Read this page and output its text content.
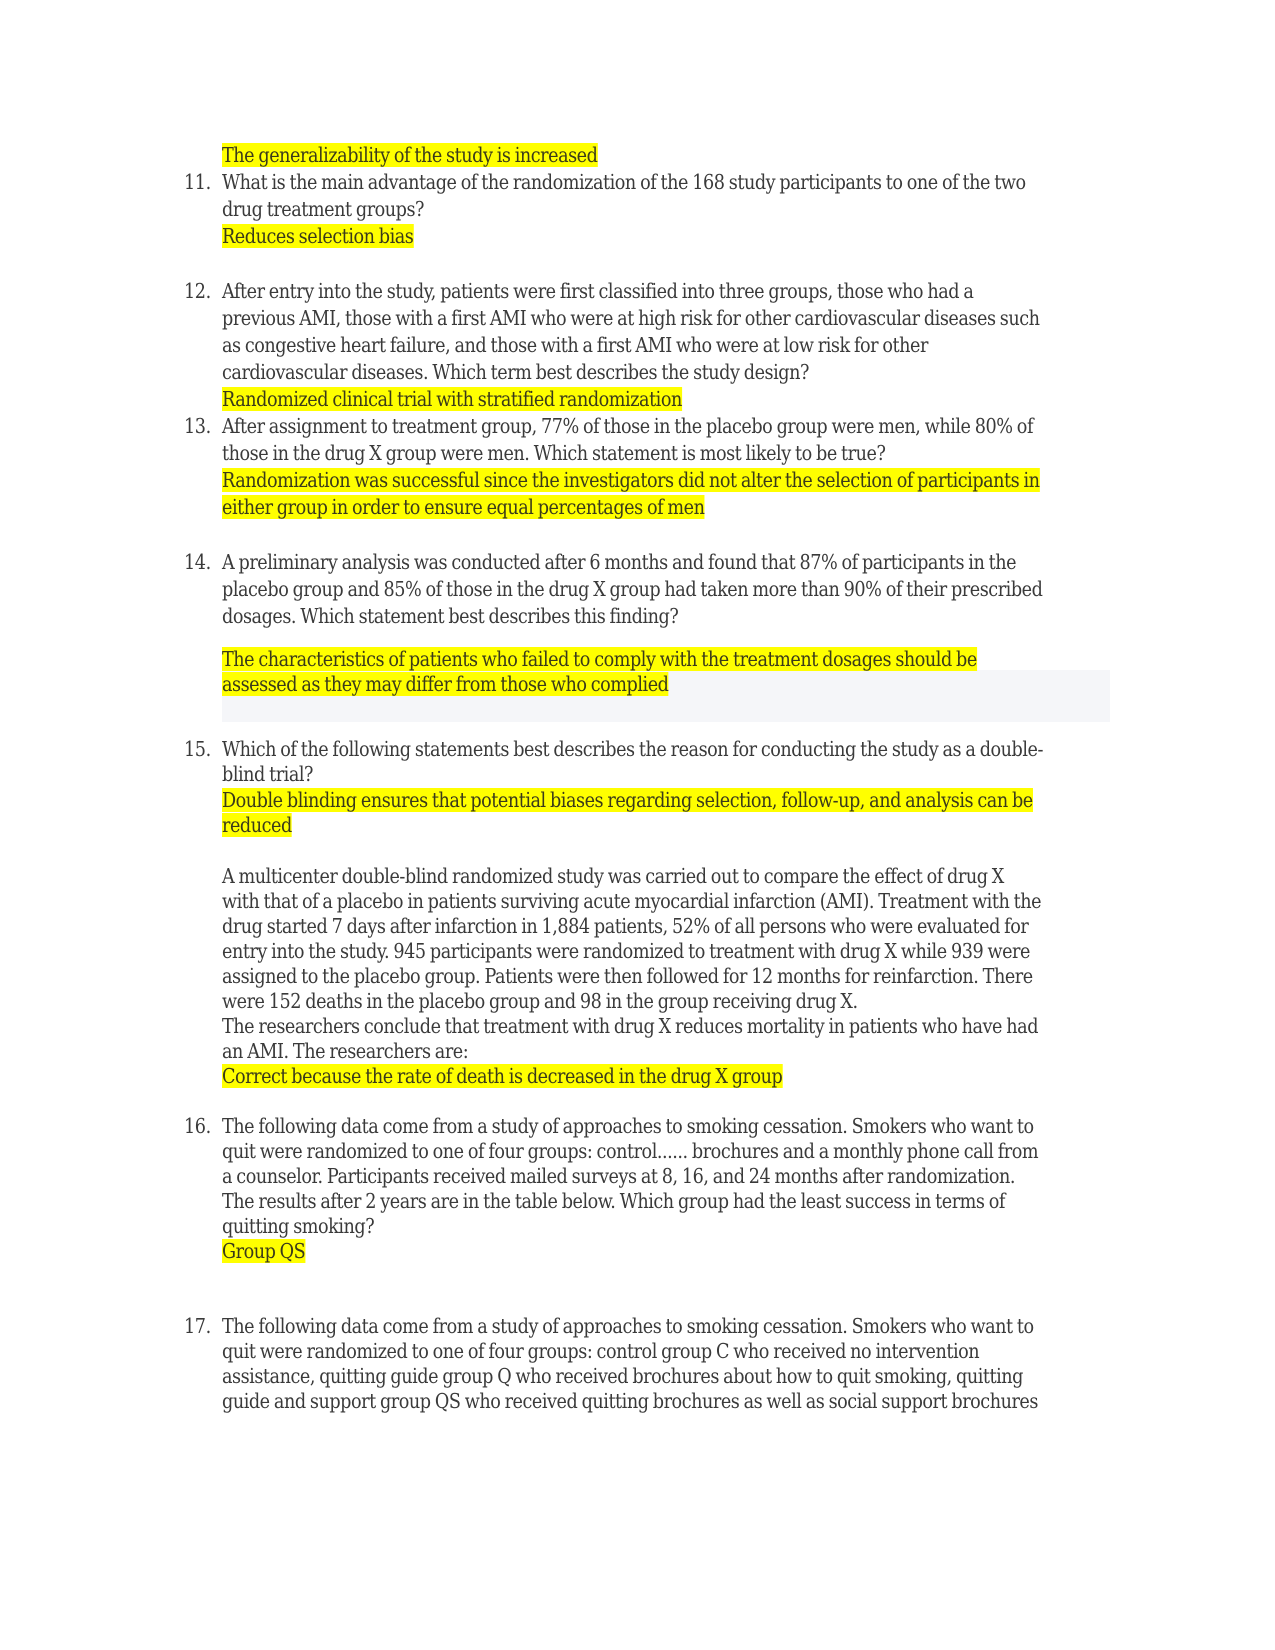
The generalizability of the study is increased
11. What is the main advantage of the randomization of the 168 study participants to one of the two
drug treatment groups?
Reduces selection bias
12. After entry into the study, patients were first classified into three groups, those who had a
previous AMI, those with a first AMI who were at high risk for other cardiovascular diseases such
as congestive heart failure, and those with a first AMI who were at low risk for other
cardiovascular diseases. Which term best describes the study design?
Randomized clinical trial with stratified randomization
13. After assignment to treatment group, 77% of those in the placebo group were men, while 80% of
those in the drug X group were men. Which statement is most likely to be true?
Randomization was successful since the investigators did not alter the selection of participants in
either group in order to ensure equal percentages of men
14. A preliminary analysis was conducted after 6 months and found that 87% of participants in the
placebo group and 85% of those in the drug X group had taken more than 90% of their prescribed
dosages. Which statement best describes this finding?
The characteristics of patients who failed to comply with the treatment dosages should be
assessed as they may differ from those who complied
15. Which of the following statements best describes the reason for conducting the study as a double-
blind trial?
Double blinding ensures that potential biases regarding selection, follow-up, and analysis can be
reduced
A multicenter double-blind randomized study was carried out to compare the effect of drug X
with that of a placebo in patients surviving acute myocardial infarction (AMI). Treatment with the
drug started 7 days after infarction in 1,884 patients, 52% of all persons who were evaluated for
entry into the study. 945 participants were randomized to treatment with drug X while 939 were
assigned to the placebo group. Patients were then followed for 12 months for reinfarction. There
were 152 deaths in the placebo group and 98 in the group receiving drug X.
The researchers conclude that treatment with drug X reduces mortality in patients who have had
an AMI. The researchers are:
Correct because the rate of death is decreased in the drug X group
16. The following data come from a study of approaches to smoking cessation. Smokers who want to
quit were randomized to one of four groups: control...... brochures and a monthly phone call from
a counselor. Participants received mailed surveys at 8, 16, and 24 months after randomization.
The results after 2 years are in the table below. Which group had the least success in terms of
quitting smoking?
Group QS
17. The following data come from a study of approaches to smoking cessation. Smokers who want to
quit were randomized to one of four groups: control group C who received no intervention
assistance, quitting guide group Q who received brochures about how to quit smoking, quitting
guide and support group QS who received quitting brochures as well as social support brochures
